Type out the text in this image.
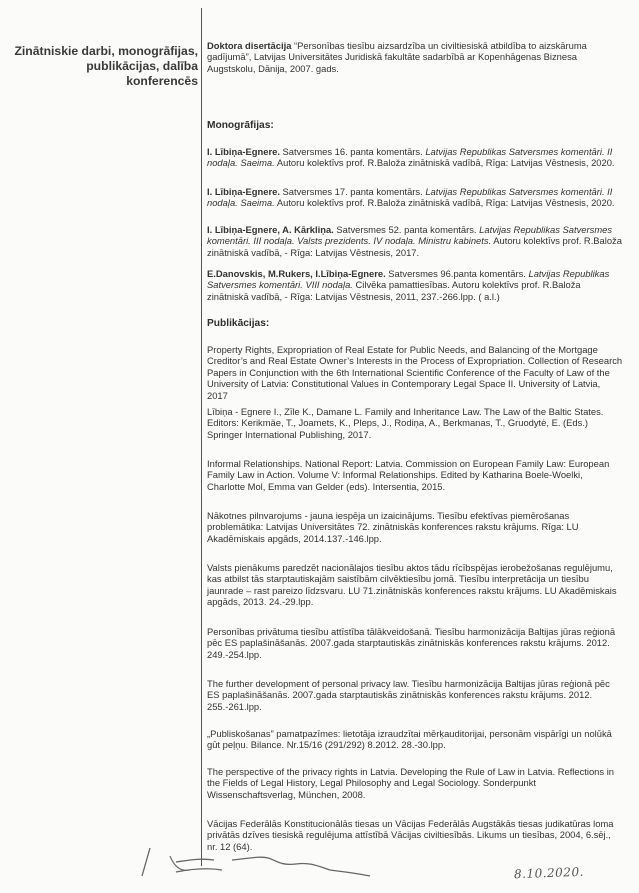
Zinātniskie darbi, monogrāfijas, publikācijas, dalība konferencēs

Doktora disertācija “Personības tiesību aizsardzība un civiltiesiskā atbildība to aizskāruma gadījumā”, Latvijas Universitātes Juridiskā fakultāte sadarbībā ar Kopenhāgenas Biznesa Augstskolu, Dānija, 2007. gads.

Monogrāfijas:

I. Lībiņa-Egnere. Satversmes 16. panta komentārs. Latvijas Republikas Satversmes komentāri. II nodaļa. Saeima. Autoru kolektīvs prof. R.Baloža zinātniskā vadībā, Rīga: Latvijas Vēstnesis, 2020.

I. Lībiņa-Egnere. Satversmes 17. panta komentārs. Latvijas Republikas Satversmes komentāri. II nodaļa. Saeima. Autoru kolektīvs prof. R.Baloža zinātniskā vadībā, Rīga: Latvijas Vēstnesis, 2020.

I. Lībiņa-Egnere, A. Kārkliņa. Satversmes 52. panta komentārs. Latvijas Republikas Satversmes komentāri. III nodaļa. Valsts prezidents. IV nodaļa. Ministru kabinets. Autoru kolektīvs prof. R.Baloža zinātniskā vadībā, - Rīga: Latvijas Vēstnesis, 2017.

E.Danovskis, M.Rukers, I.Lībiņa-Egnere. Satversmes 96.panta komentārs. Latvijas Republikas Satversmes komentāri. VIII nodaļa. Cilvēka pamattiesības. Autoru kolektīvs prof. R.Baloža zinātniskā vadībā, - Rīga: Latvijas Vēstnesis, 2011, 237.-266.lpp. ( a.l.)

Publikācijas:

Property Rights, Expropriation of Real Estate for Public Needs, and Balancing of the Mortgage Creditor’s and Real Estate Owner’s Interests in the Process of Expropriation. Collection of Research Papers in Conjunction with the 6th International Scientific Conference of the Faculty of Law of the University of Latvia: Constitutional Values in Contemporary Legal Space II. University of Latvia, 2017

Lībiņa - Egnere I., Zīle K., Damane L. Family and Inheritance Law. The Law of the Baltic States. Editors: Kerikmäe, T., Joamets, K., Pleps, J., Rodiņa, A., Berkmanas, T., Gruodytė, E. (Eds.) Springer International Publishing, 2017.

Informal Relationships. National Report: Latvia. Commission on European Family Law: European Family Law in Action. Volume V: Informal Relationships. Edited by Katharina Boele-Woelki, Charlotte Mol, Emma van Gelder (eds). Intersentia, 2015.

Nākotnes pilnvarojums - jauna iespēja un izaicinājums. Tiesību efektīvas piemērošanas problemātika: Latvijas Universitātes 72. zinātniskās konferences rakstu krājums. Rīga: LU Akadēmiskais apgāds, 2014.137.-146.lpp.

Valsts pienākums paredzēt nacionālajos tiesību aktos tādu rīcībspējas ierobežošanas regulējumu, kas atbilst tās starptautiskajām saistībām cilvēktiesību jomā. Tiesību interpretācija un tiesību jaunrade – rast pareizo līdzsvaru. LU 71.zinātniskās konferences rakstu krājums. LU Akadēmiskais apgāds, 2013. 24.-29.lpp.

Personības privātuma tiesību attīstība tālākveidošanā. Tiesību harmonizācija Baltijas jūras reģionā pēc ES paplašināšanās. 2007.gada starptautiskās zinātniskās konferences rakstu krājums. 2012. 249.-254.lpp.

The further development of personal privacy law. Tiesību harmonizācija Baltijas jūras reģionā pēc ES paplašināšanās. 2007.gada starptautiskās zinātniskās konferences rakstu krājums. 2012. 255.-261.lpp.

„Publiskošanas” pamatpazīmes: lietotāja izraudzītai mērķauditorijai, personām vispārīgi un nolūkā gūt peļņu. Bilance. Nr.15/16 (291/292) 8.2012. 28.-30.lpp.

The perspective of the privacy rights in Latvia. Developing the Rule of Law in Latvia. Reflections in the Fields of Legal History, Legal Philosophy and Legal Sociology. Sonderpunkt Wissenschaftsverlag, München, 2008.

Vācijas Federālās Konstitucionālās tiesas un Vācijas Federālās Augstākās tiesas judikatūras loma privātās dzīves tiesiskā regulējuma attīstībā Vācijas civiltiesībās. Likums un tiesības, 2004, 6.sēj., nr. 12 (64).

8.10.2020.
